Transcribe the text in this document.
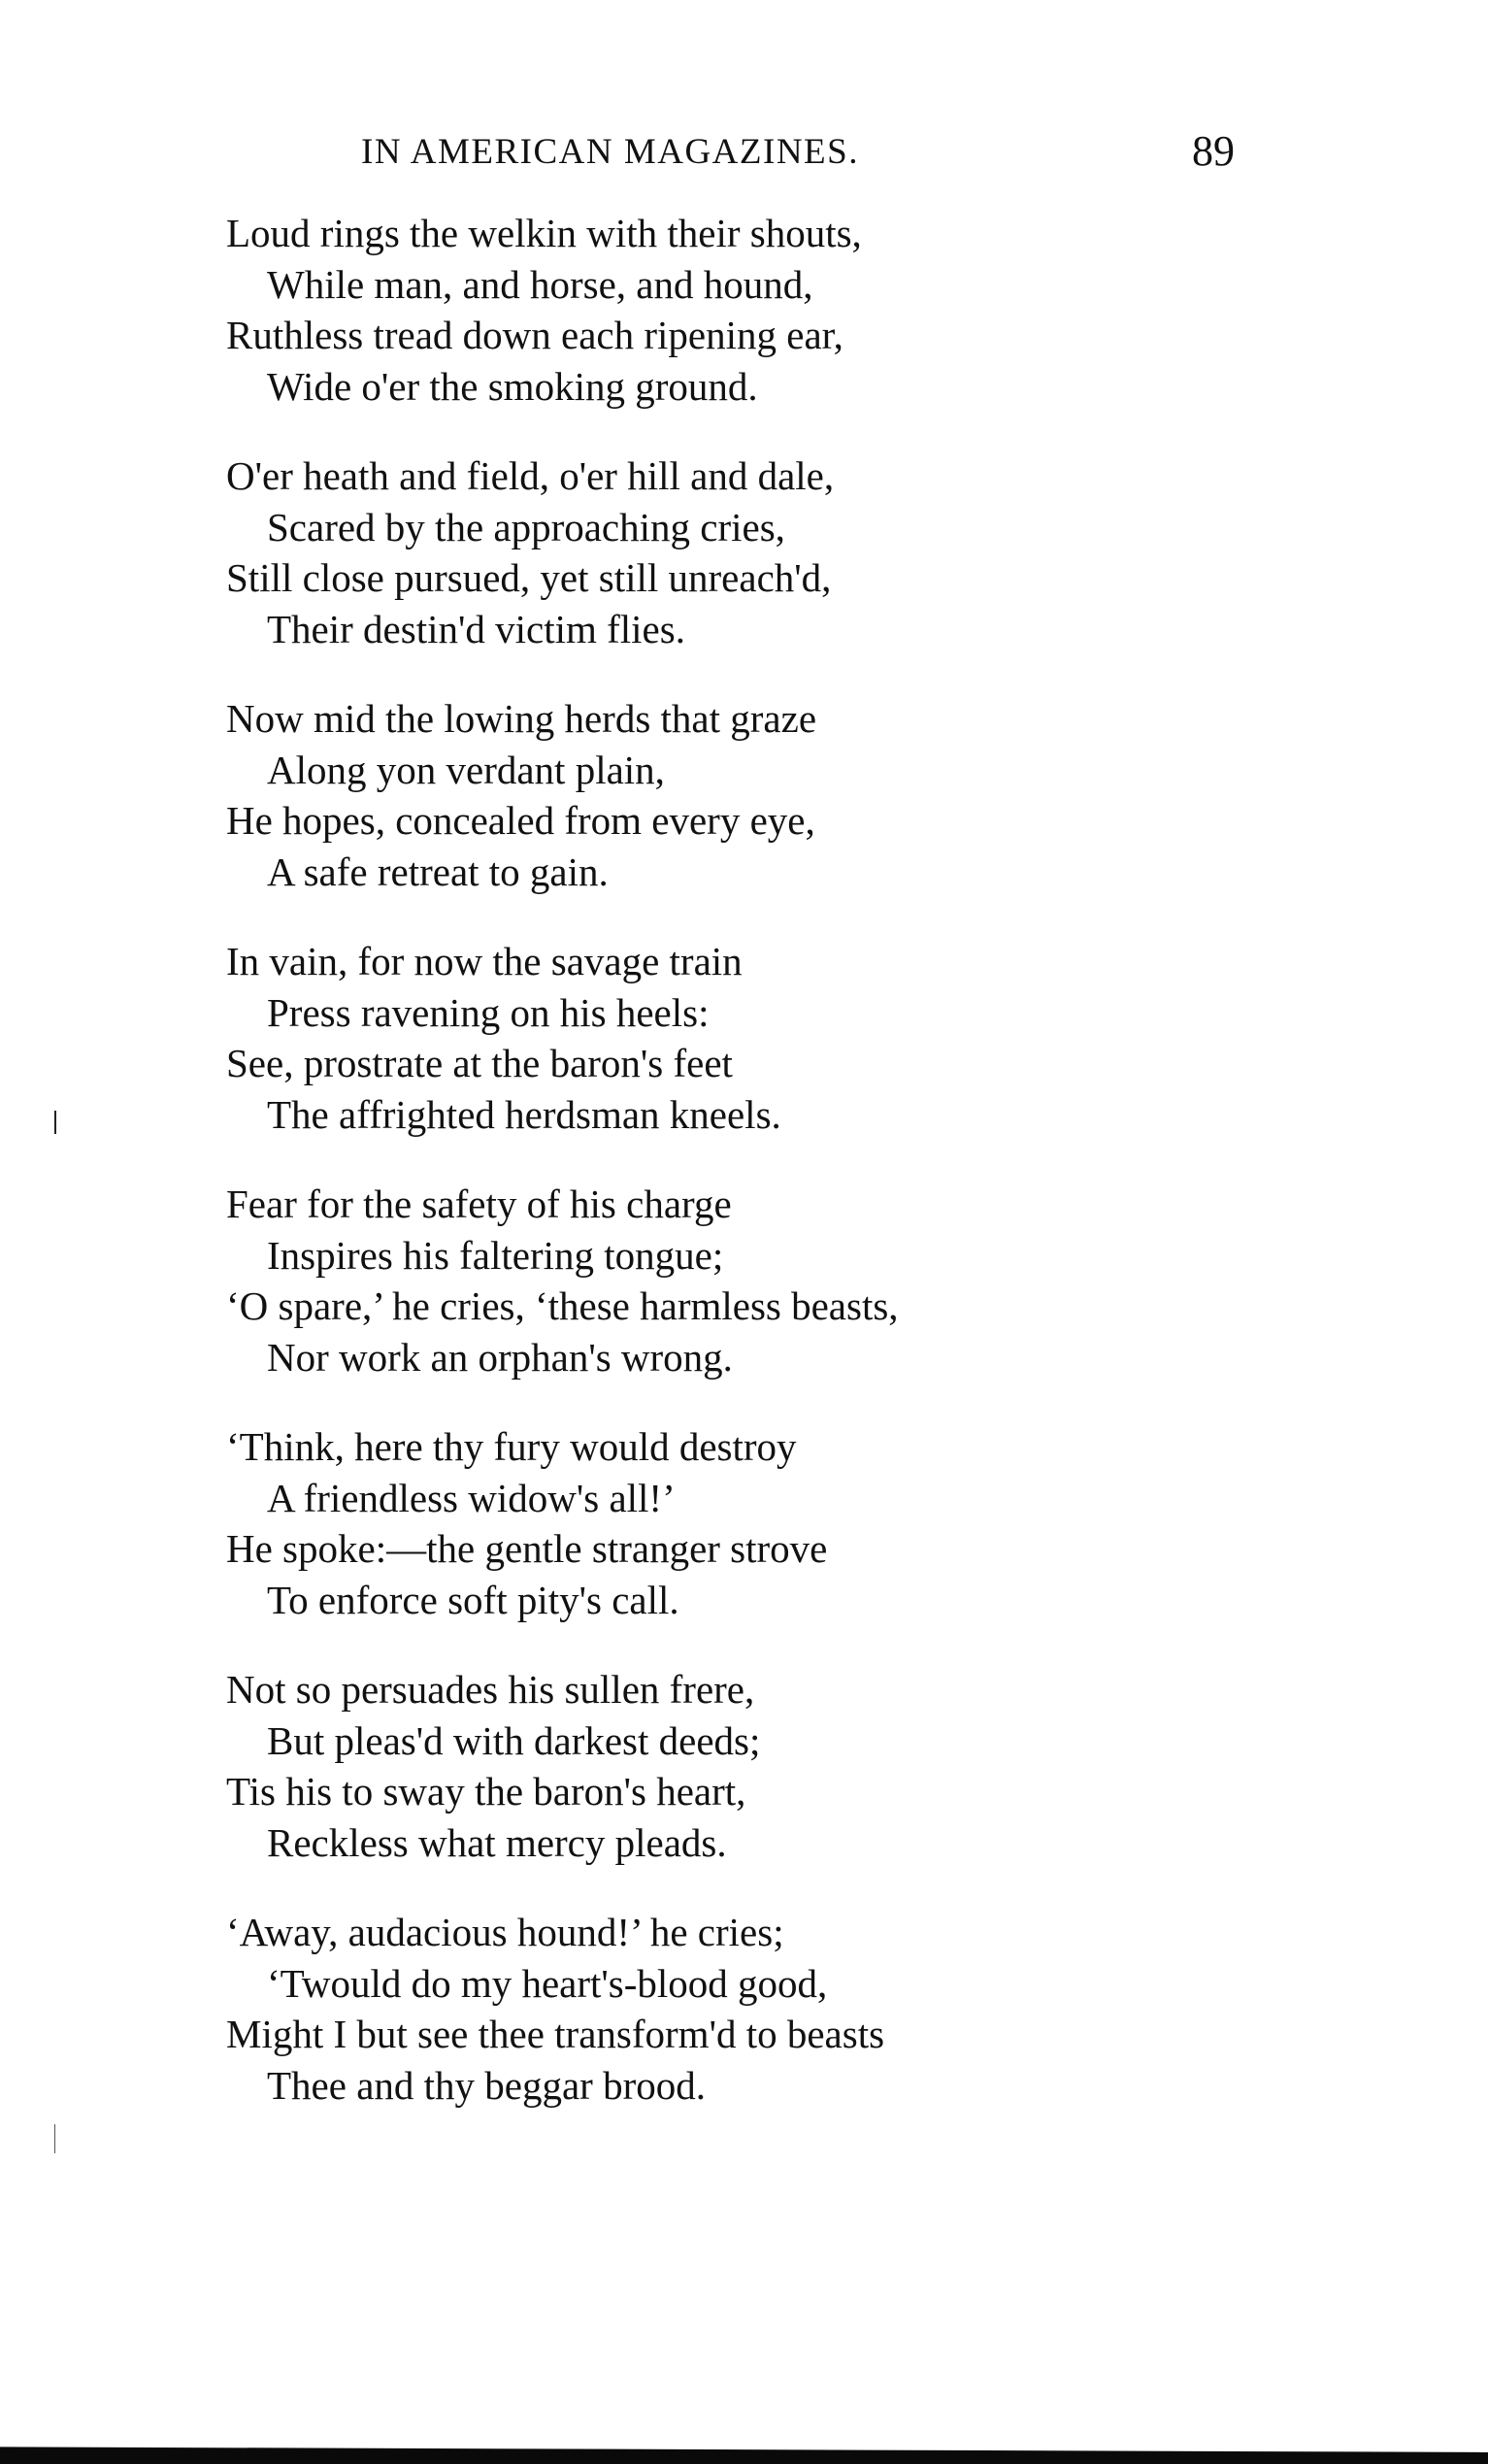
IN AMERICAN MAGAZINES.	89
Loud rings the welkin with their shouts,
While man, and horse, and hound,
Ruthless tread down each ripening ear,
Wide o'er the smoking ground.
O'er heath and field, o'er hill and dale,
Scared by the approaching cries,
Still close pursued, yet still unreach'd,
Their destin'd victim flies.
Now mid the lowing herds that graze
Along yon verdant plain,
He hopes, concealed from every eye,
A safe retreat to gain.
In vain, for now the savage train
Press ravening on his heels:
See, prostrate at the baron's feet
The affrighted herdsman kneels.
Fear for the safety of his charge
Inspires his faltering tongue;
‘O spare,’ he cries, ‘these harmless beasts,
Nor work an orphan's wrong.
‘Think, here thy fury would destroy
A friendless widow's all!’
He spoke:—the gentle stranger strove
To enforce soft pity's call.
Not so persuades his sullen frere,
But pleas'd with darkest deeds;
Tis his to sway the baron's heart,
Reckless what mercy pleads.
‘Away, audacious hound!’ he cries;
‘Twould do my heart's-blood good,
Might I but see thee transform'd to beasts
Thee and thy beggar brood.
